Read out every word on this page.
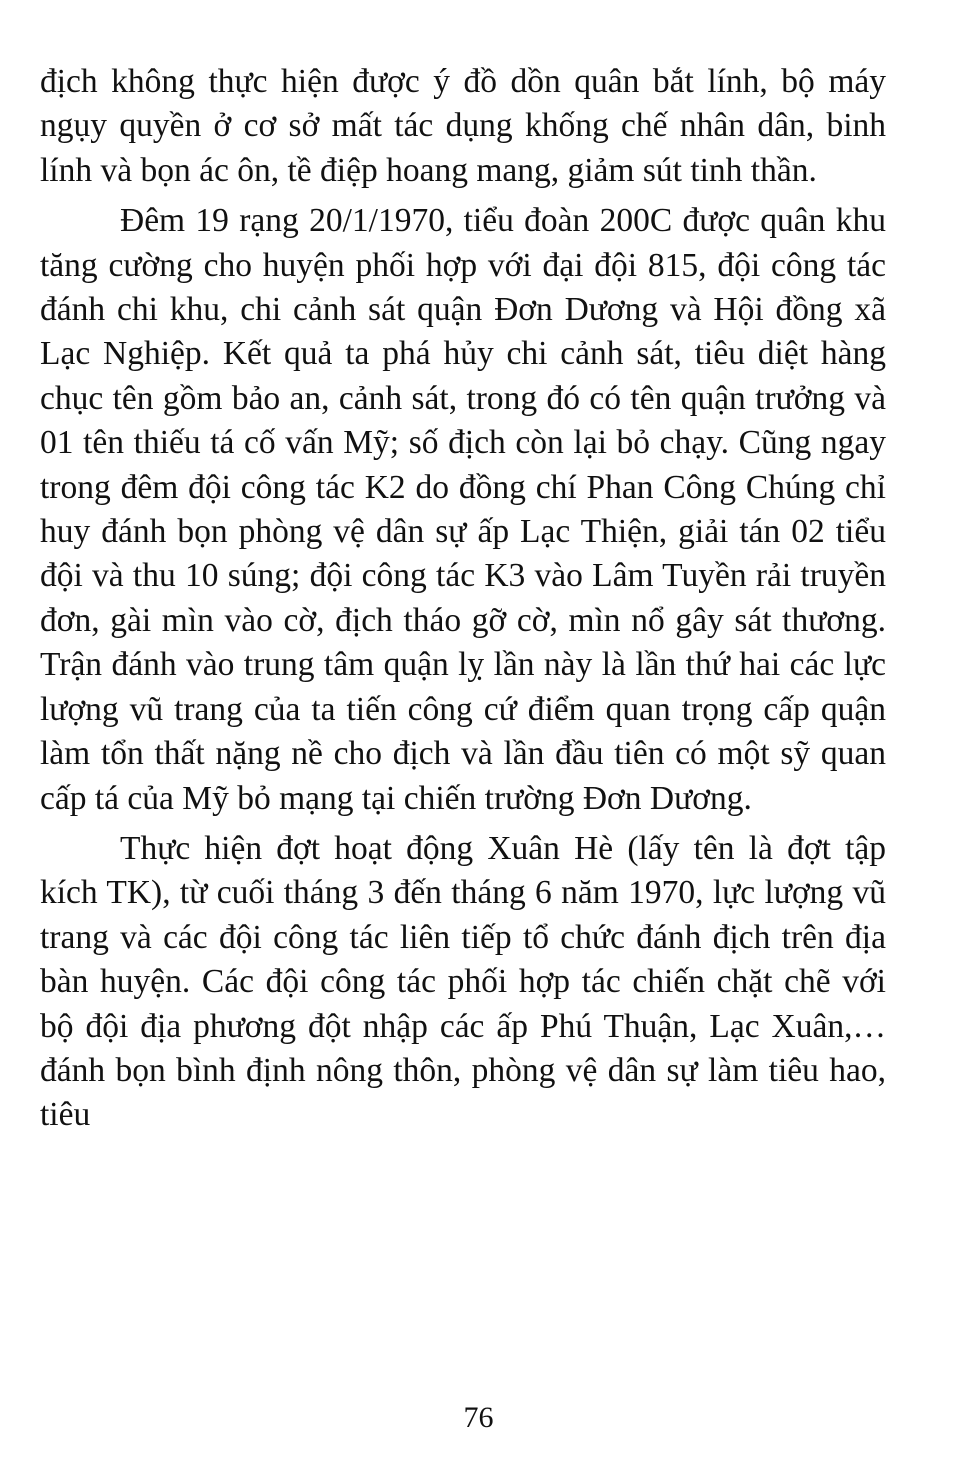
địch không thực hiện được ý đồ dồn quân bắt lính, bộ máy ngụy quyền ở cơ sở mất tác dụng khống chế nhân dân, binh lính và bọn ác ôn, tề điệp hoang mang, giảm sút tinh thần.

Đêm 19 rạng 20/1/1970, tiểu đoàn 200C được quân khu tăng cường cho huyện phối hợp với đại đội 815, đội công tác đánh chi khu, chi cảnh sát quận Đơn Dương và Hội đồng xã Lạc Nghiệp. Kết quả ta phá hủy chi cảnh sát, tiêu diệt hàng chục tên gồm bảo an, cảnh sát, trong đó có tên quận trưởng và 01 tên thiếu tá cố vấn Mỹ; số địch còn lại bỏ chạy. Cũng ngay trong đêm đội công tác K2 do đồng chí Phan Công Chúng chỉ huy đánh bọn phòng vệ dân sự ấp Lạc Thiện, giải tán 02 tiểu đội và thu 10 súng; đội công tác K3 vào Lâm Tuyền rải truyền đơn, gài mìn vào cờ, địch tháo gỡ cờ, mìn nổ gây sát thương. Trận đánh vào trung tâm quận lỵ lần này là lần thứ hai các lực lượng vũ trang của ta tiến công cứ điểm quan trọng cấp quận làm tổn thất nặng nề cho địch và lần đầu tiên có một sỹ quan cấp tá của Mỹ bỏ mạng tại chiến trường Đơn Dương.

Thực hiện đợt hoạt động Xuân Hè (lấy tên là đợt tập kích TK), từ cuối tháng 3 đến tháng 6 năm 1970, lực lượng vũ trang và các đội công tác liên tiếp tổ chức đánh địch trên địa bàn huyện. Các đội công tác phối hợp tác chiến chặt chẽ với bộ đội địa phương đột nhập các ấp Phú Thuận, Lạc Xuân,…đánh bọn bình định nông thôn, phòng vệ dân sự làm tiêu hao, tiêu

76
